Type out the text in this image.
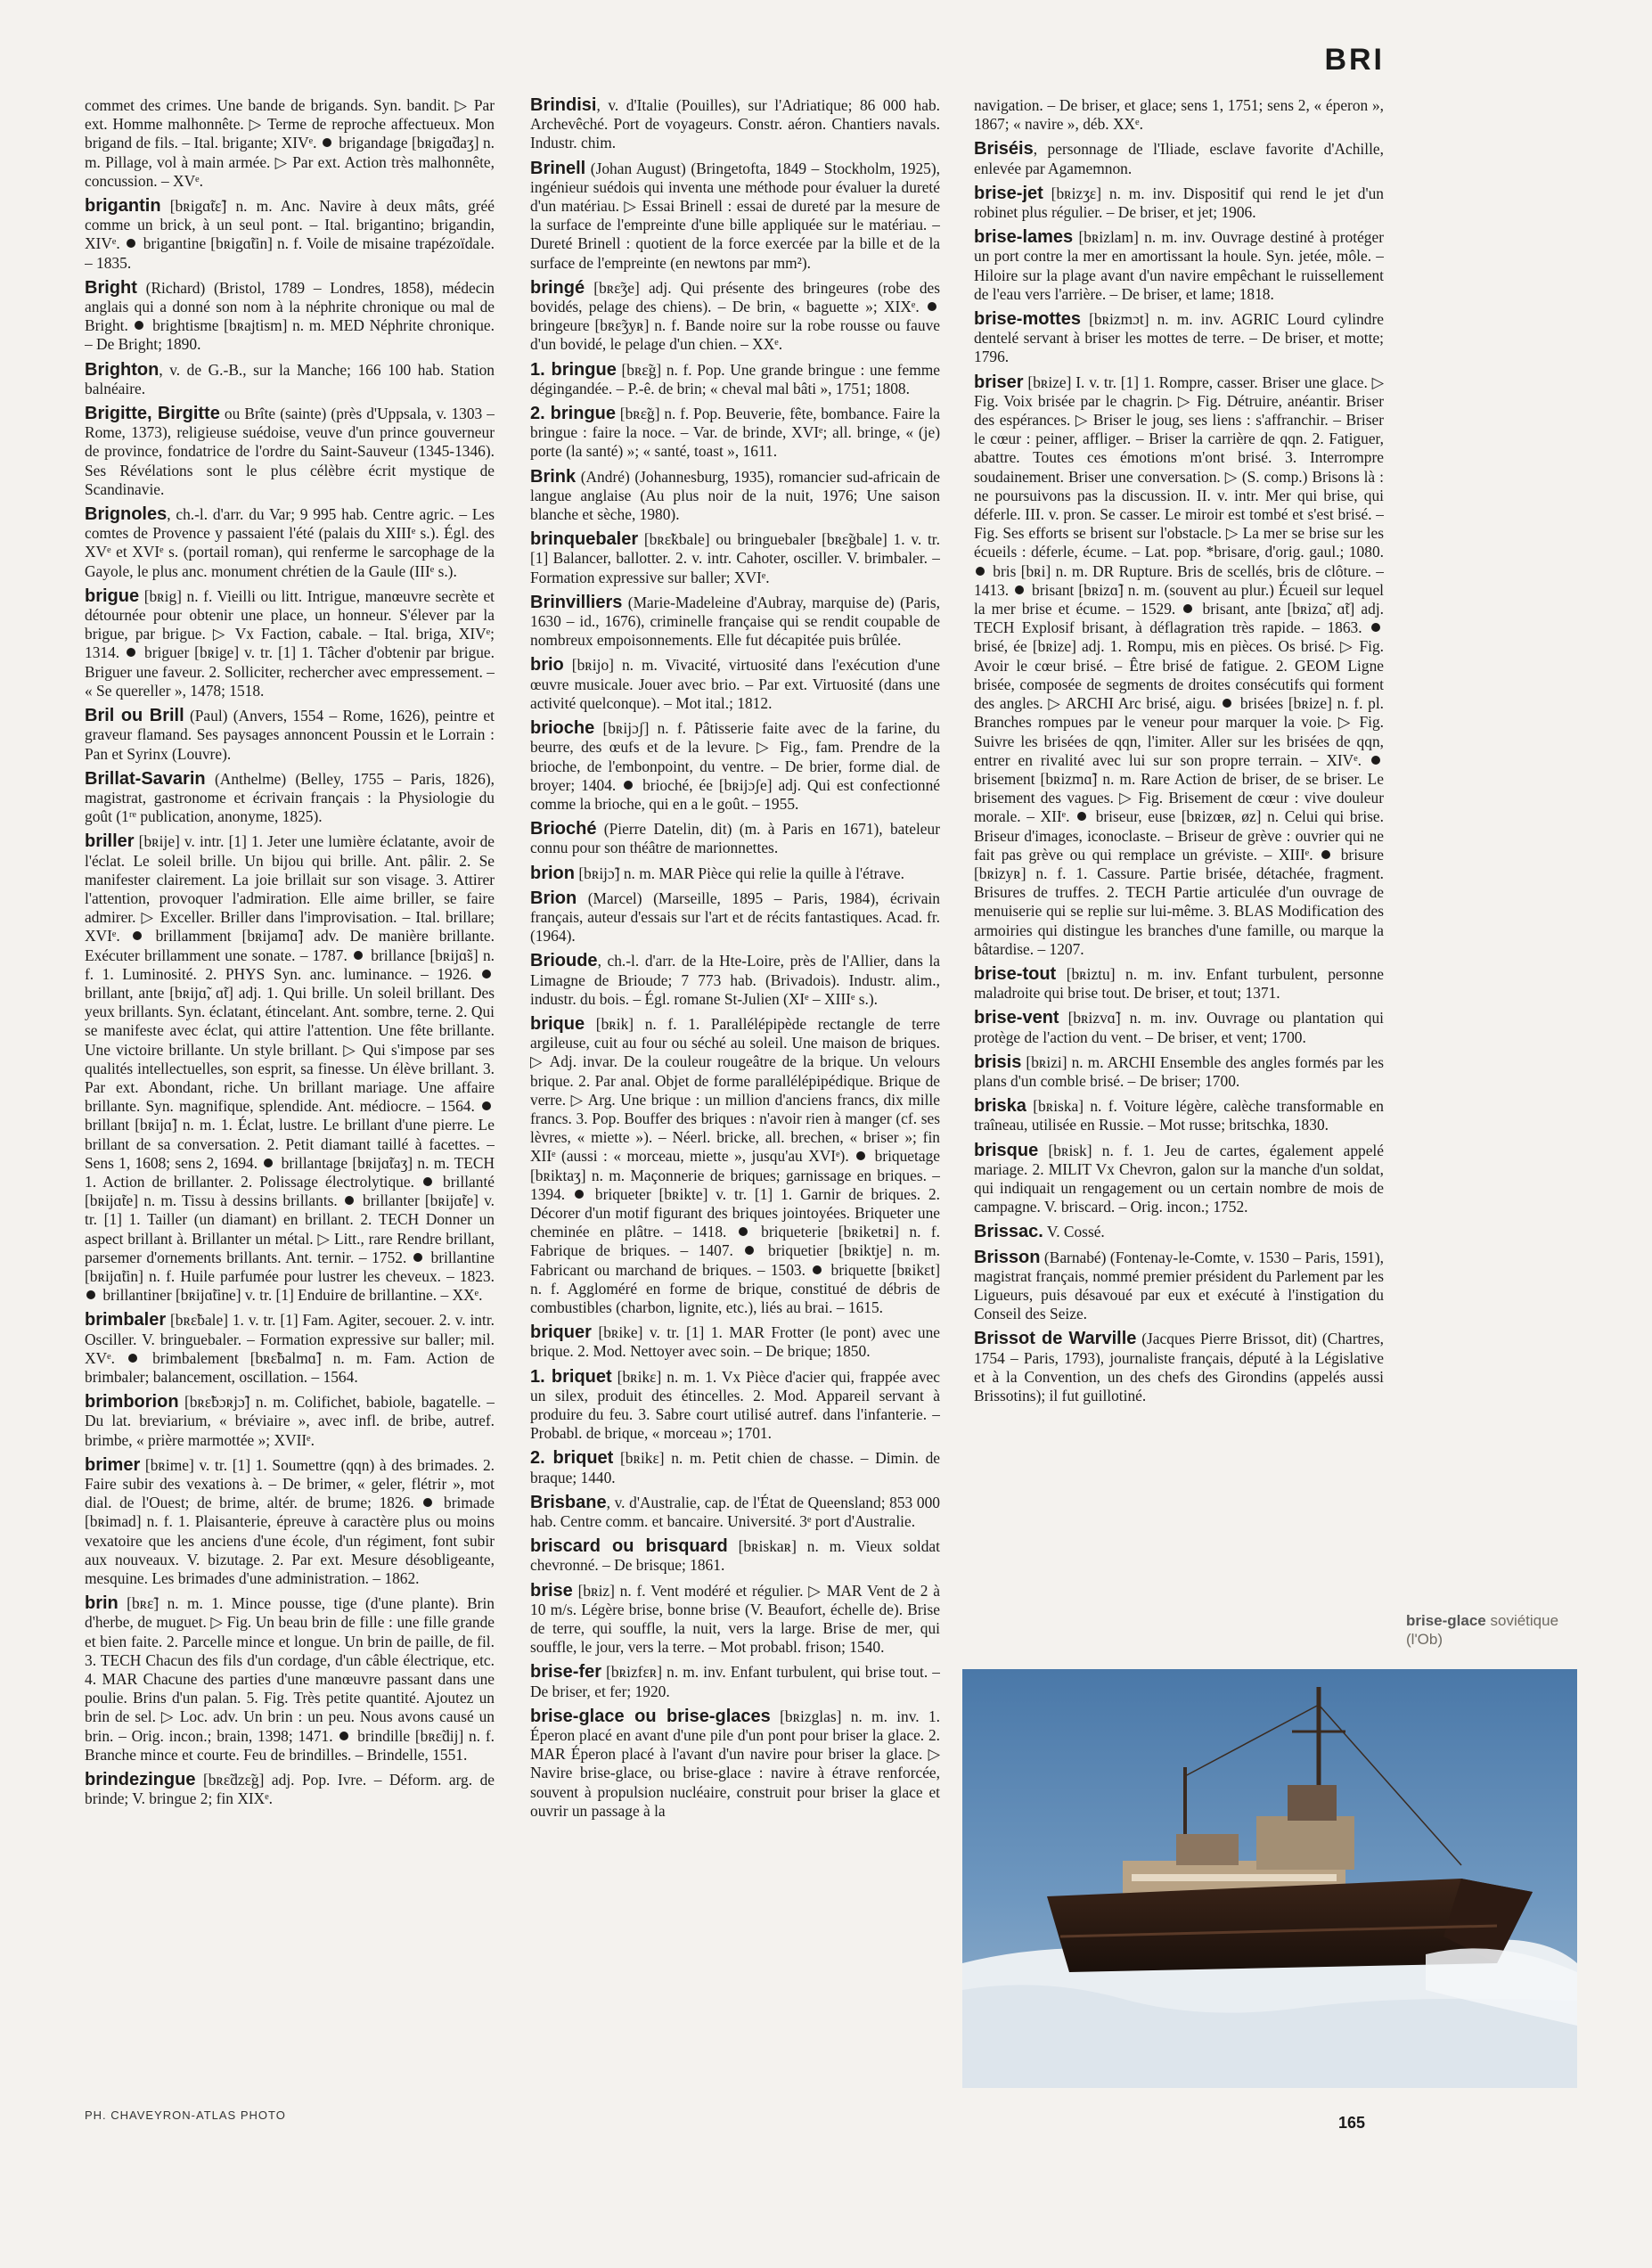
BRI

commet des crimes. Une bande de brigands. Syn. bandit. ▷ Par ext. Homme malhonnête. ▷ Terme de reproche affectueux. Mon brigand de fils. – Ital. brigante; XIVᵉ.  brigandage [bʀigɑ̃daʒ] n. m. Pillage, vol à main armée. ▷ Par ext. Action très malhonnête, concussion. – XVᵉ.

brigantin [bʀigɑ̃tɛ̃] n. m. Anc. Navire à deux mâts, gréé comme un brick, à un seul pont. – Ital. brigantino; brigandin, XIVᵉ.  brigantine [bʀigɑ̃tin] n. f. Voile de misaine trapézoïdale. – 1835.

Bright (Richard) (Bristol, 1789 – Londres, 1858), médecin anglais qui a donné son nom à la néphrite chronique ou mal de Bright.  brightisme [bʀajtism] n. m. MED Néphrite chronique. – De Bright; 1890.

Brighton, v. de G.-B., sur la Manche; 166 100 hab. Station balnéaire.

Brigitte, Birgitte ou Brîte (sainte) (près d'Uppsala, v. 1303 – Rome, 1373), religieuse suédoise, veuve d'un prince gouverneur de province, fondatrice de l'ordre du Saint-Sauveur (1345-1346). Ses Révélations sont le plus célèbre écrit mystique de Scandinavie.

Brignoles, ch.-l. d'arr. du Var; 9 995 hab. Centre agric. – Les comtes de Provence y passaient l'été (palais du XIIIᵉ s.). Égl. des XVᵉ et XVIᵉ s. (portail roman), qui renferme le sarcophage de la Gayole, le plus anc. monument chrétien de la Gaule (IIIᵉ s.).

brigue [bʀig] n. f. Vieilli ou litt. Intrigue, manœuvre secrète et détournée pour obtenir une place, un honneur. S'élever par la brigue, par brigue. ▷ Vx Faction, cabale. – Ital. briga, XIVᵉ; 1314.  briguer [bʀige] v. tr. [1] 1. Tâcher d'obtenir par brigue. Briguer une faveur. 2. Solliciter, rechercher avec empressement. – « Se quereller », 1478; 1518.

Bril ou Brill (Paul) (Anvers, 1554 – Rome, 1626), peintre et graveur flamand. Ses paysages annoncent Poussin et le Lorrain : Pan et Syrinx (Louvre).

Brillat-Savarin (Anthelme) (Belley, 1755 – Paris, 1826), magistrat, gastronome et écrivain français : la Physiologie du goût (1ʳᵉ publication, anonyme, 1825).

briller [bʀije] v. intr. [1] 1. Jeter une lumière éclatante, avoir de l'éclat. Le soleil brille. Un bijou qui brille. Ant. pâlir. 2. Se manifester clairement. La joie brillait sur son visage. 3. Attirer l'attention, provoquer l'admiration. Elle aime briller, se faire admirer. ▷ Exceller. Briller dans l'improvisation. – Ital. brillare; XVIᵉ.  brillamment [bʀijamɑ̃] adv. De manière brillante. Exécuter brillamment une sonate. – 1787.  brillance [bʀijɑ̃s] n. f. 1. Luminosité. 2. PHYS Syn. anc. luminance. – 1926.  brillant, ante [bʀijɑ̃, ɑ̃t] adj. 1. Qui brille. Un soleil brillant. Des yeux brillants. Syn. éclatant, étincelant. Ant. sombre, terne. 2. Qui se manifeste avec éclat, qui attire l'attention. Une fête brillante. Une victoire brillante. Un style brillant. ▷ Qui s'impose par ses qualités intellectuelles, son esprit, sa finesse. Un élève brillant. 3. Par ext. Abondant, riche. Un brillant mariage. Une affaire brillante. Syn. magnifique, splendide. Ant. médiocre. – 1564.  brillant [bʀijɑ̃] n. m. 1. Éclat, lustre. Le brillant d'une pierre. Le brillant de sa conversation. 2. Petit diamant taillé à facettes. – Sens 1, 1608; sens 2, 1694.  brillantage [bʀijɑ̃taʒ] n. m. TECH 1. Action de brillanter. 2. Polissage électrolytique.  brillanté [bʀijɑ̃te] n. m. Tissu à dessins brillants.  brillanter [bʀijɑ̃te] v. tr. [1] 1. Tailler (un diamant) en brillant. 2. TECH Donner un aspect brillant à. Brillanter un métal. ▷ Litt., rare Rendre brillant, parsemer d'ornements brillants. Ant. ternir. – 1752.  brillantine [bʀijɑ̃tin] n. f. Huile parfumée pour lustrer les cheveux. – 1823.  brillantiner [bʀijɑ̃tine] v. tr. [1] Enduire de brillantine. – XXᵉ.

brimbaler [bʀɛ̃bale] 1. v. tr. [1] Fam. Agiter, secouer. 2. v. intr. Osciller. V. bringuebaler. – Formation expressive sur baller; mil. XVᵉ.  brimbalement [bʀɛ̃balmɑ̃] n. m. Fam. Action de brimbaler; balancement, oscillation. – 1564.

brimborion [bʀɛ̃bɔʀjɔ̃] n. m. Colifichet, babiole, bagatelle. – Du lat. breviarium, « bréviaire », avec infl. de bribe, autref. brimbe, « prière marmottée »; XVIIᵉ.

brimer [bʀime] v. tr. [1] 1. Soumettre (qqn) à des brimades. 2. Faire subir des vexations à. – De brimer, « geler, flétrir », mot dial. de l'Ouest; de brime, altér. de brume; 1826.  brimade [bʀimad] n. f. 1. Plaisanterie, épreuve à caractère plus ou moins vexatoire que les anciens d'une école, d'un régiment, font subir aux nouveaux. V. bizutage. 2. Par ext. Mesure désobligeante, mesquine. Les brimades d'une administration. – 1862.

brin [bʀɛ̃] n. m. 1. Mince pousse, tige (d'une plante). Brin d'herbe, de muguet. ▷ Fig. Un beau brin de fille : une fille grande et bien faite. 2. Parcelle mince et longue. Un brin de paille, de fil. 3. TECH Chacun des fils d'un cordage, d'un câble électrique, etc. 4. MAR Chacune des parties d'une manœuvre passant dans une poulie. Brins d'un palan. 5. Fig. Très petite quantité. Ajoutez un brin de sel. ▷ Loc. adv. Un brin : un peu. Nous avons causé un brin. – Orig. incon.; brain, 1398; 1471.  brindille [bʀɛ̃dij] n. f. Branche mince et courte. Feu de brindilles. – Brindelle, 1551.

brindezingue [bʀɛ̃dzɛ̃g] adj. Pop. Ivre. – Déform. arg. de brinde; V. bringue 2; fin XIXᵉ.

Brindisi, v. d'Italie (Pouilles), sur l'Adriatique; 86 000 hab. Archevêché. Port de voyageurs. Constr. aéron. Chantiers navals. Industr. chim.

Brinell (Johan August) (Bringetofta, 1849 – Stockholm, 1925), ingénieur suédois qui inventa une méthode pour évaluer la dureté d'un matériau. ▷ Essai Brinell : essai de dureté par la mesure de la surface de l'empreinte d'une bille appliquée sur le matériau. – Dureté Brinell : quotient de la force exercée par la bille et de la surface de l'empreinte (en newtons par mm²).

bringé [bʀɛ̃ʒe] adj. Qui présente des bringeures (robe des bovidés, pelage des chiens). – De brin, « baguette »; XIXᵉ.  bringeure [bʀɛ̃ʒyʀ] n. f. Bande noire sur la robe rousse ou fauve d'un bovidé, le pelage d'un chien. – XXᵉ.

1. bringue [bʀɛ̃g] n. f. Pop. Une grande bringue : une femme dégingandée. – P.-ê. de brin; « cheval mal bâti », 1751; 1808.

2. bringue [bʀɛ̃g] n. f. Pop. Beuverie, fête, bombance. Faire la bringue : faire la noce. – Var. de brinde, XVIᵉ; all. bringe, « (je) porte (la santé) »; « santé, toast », 1611.

Brink (André) (Johannesburg, 1935), romancier sud-africain de langue anglaise (Au plus noir de la nuit, 1976; Une saison blanche et sèche, 1980).

brinquebaler [bʀɛ̃kbale] ou bringuebaler [bʀɛ̃gbale] 1. v. tr. [1] Balancer, ballotter. 2. v. intr. Cahoter, osciller. V. brimbaler. – Formation expressive sur baller; XVIᵉ.

Brinvilliers (Marie-Madeleine d'Aubray, marquise de) (Paris, 1630 – id., 1676), criminelle française qui se rendit coupable de nombreux empoisonnements. Elle fut décapitée puis brûlée.

brio [bʀijo] n. m. Vivacité, virtuosité dans l'exécution d'une œuvre musicale. Jouer avec brio. – Par ext. Virtuosité (dans une activité quelconque). – Mot ital.; 1812.

brioche [bʀijɔʃ] n. f. Pâtisserie faite avec de la farine, du beurre, des œufs et de la levure. ▷ Fig., fam. Prendre de la brioche, de l'embonpoint, du ventre. – De brier, forme dial. de broyer; 1404.  brioché, ée [bʀijɔʃe] adj. Qui est confectionné comme la brioche, qui en a le goût. – 1955.

Brioché (Pierre Datelin, dit) (m. à Paris en 1671), bateleur connu pour son théâtre de marionnettes.

brion [bʀijɔ̃] n. m. MAR Pièce qui relie la quille à l'étrave.

Brion (Marcel) (Marseille, 1895 – Paris, 1984), écrivain français, auteur d'essais sur l'art et de récits fantastiques. Acad. fr. (1964).

Brioude, ch.-l. d'arr. de la Hte-Loire, près de l'Allier, dans la Limagne de Brioude; 7 773 hab. (Brivadois). Industr. alim., industr. du bois. – Égl. romane St-Julien (XIᵉ – XIIIᵉ s.).

brique [bʀik] n. f. 1. Parallélépipède rectangle de terre argileuse, cuit au four ou séché au soleil. Une maison de briques. ▷ Adj. invar. De la couleur rougeâtre de la brique. Un velours brique. 2. Par anal. Objet de forme parallélépipédique. Brique de verre. ▷ Arg. Une brique : un million d'anciens francs, dix mille francs. 3. Pop. Bouffer des briques : n'avoir rien à manger (cf. ses lèvres, « miette »). – Néerl. bricke, all. brechen, « briser »; fin XIIᵉ (aussi : « morceau, miette », jusqu'au XVIᵉ).  briquetage [bʀiktaʒ] n. m. Maçonnerie de briques; garnissage en briques. – 1394.  briqueter [bʀikte] v. tr. [1] 1. Garnir de briques. 2. Décorer d'un motif figurant des briques jointoyées. Briqueter une cheminée en plâtre. – 1418.  briqueterie [bʀiketʀi] n. f. Fabrique de briques. – 1407.  briquetier [bʀiktje] n. m. Fabricant ou marchand de briques. – 1503.  briquette [bʀikɛt] n. f. Aggloméré en forme de brique, constitué de débris de combustibles (charbon, lignite, etc.), liés au brai. – 1615.

briquer [bʀike] v. tr. [1] 1. MAR Frotter (le pont) avec une brique. 2. Mod. Nettoyer avec soin. – De brique; 1850.

1. briquet [bʀikɛ] n. m. 1. Vx Pièce d'acier qui, frappée avec un silex, produit des étincelles. 2. Mod. Appareil servant à produire du feu. 3. Sabre court utilisé autref. dans l'infanterie. – Probabl. de brique, « morceau »; 1701.

2. briquet [bʀikɛ] n. m. Petit chien de chasse. – Dimin. de braque; 1440.

Brisbane, v. d'Australie, cap. de l'État de Queensland; 853 000 hab. Centre comm. et bancaire. Université. 3ᵉ port d'Australie.

briscard ou brisquard [bʀiskaʀ] n. m. Vieux soldat chevronné. – De brisque; 1861.

brise [bʀiz] n. f. Vent modéré et régulier. ▷ MAR Vent de 2 à 10 m/s. Légère brise, bonne brise (V. Beaufort, échelle de). Brise de terre, qui souffle, la nuit, vers la large. Brise de mer, qui souffle, le jour, vers la terre. – Mot probabl. frison; 1540.

brise-fer [bʀizfɛʀ] n. m. inv. Enfant turbulent, qui brise tout. – De briser, et fer; 1920.

brise-glace ou brise-glaces [bʀizglas] n. m. inv. 1. Éperon placé en avant d'une pile d'un pont pour briser la glace. 2. MAR Éperon placé à l'avant d'un navire pour briser la glace. ▷ Navire brise-glace, ou brise-glace : navire à étrave renforcée, souvent à propulsion nucléaire, construit pour briser la glace et ouvrir un passage à la

navigation. – De briser, et glace; sens 1, 1751; sens 2, « éperon », 1867; « navire », déb. XXᵉ.

Briséis, personnage de l'Iliade, esclave favorite d'Achille, enlevée par Agamemnon.

brise-jet [bʀizʒɛ] n. m. inv. Dispositif qui rend le jet d'un robinet plus régulier. – De briser, et jet; 1906.

brise-lames [bʀizlam] n. m. inv. Ouvrage destiné à protéger un port contre la mer en amortissant la houle. Syn. jetée, môle. – Hiloire sur la plage avant d'un navire empêchant le ruissellement de l'eau vers l'arrière. – De briser, et lame; 1818.

brise-mottes [bʀizmɔt] n. m. inv. AGRIC Lourd cylindre dentelé servant à briser les mottes de terre. – De briser, et motte; 1796.

briser [bʀize] I. v. tr. [1] 1. Rompre, casser. Briser une glace. ▷ Fig. Voix brisée par le chagrin. ▷ Fig. Détruire, anéantir. Briser des espérances. ▷ Briser le joug, ses liens : s'affranchir. – Briser le cœur : peiner, affliger. – Briser la carrière de qqn. 2. Fatiguer, abattre. Toutes ces émotions m'ont brisé. 3. Interrompre soudainement. Briser une conversation. ▷ (S. comp.) Brisons là : ne poursuivons pas la discussion. II. v. intr. Mer qui brise, qui déferle. III. v. pron. Se casser. Le miroir est tombé et s'est brisé. – Fig. Ses efforts se brisent sur l'obstacle. ▷ La mer se brise sur les écueils : déferle, écume. – Lat. pop. *brisare, d'orig. gaul.; 1080.  bris [bʀi] n. m. DR Rupture. Bris de scellés, bris de clôture. – 1413.  brisant [bʀizɑ̃] n. m. (souvent au plur.) Écueil sur lequel la mer brise et écume. – 1529.  brisant, ante [bʀizɑ̃, ɑ̃t] adj. TECH Explosif brisant, à déflagration très rapide. – 1863.  brisé, ée [bʀize] adj. 1. Rompu, mis en pièces. Os brisé. ▷ Fig. Avoir le cœur brisé. – Être brisé de fatigue. 2. GEOM Ligne brisée, composée de segments de droites consécutifs qui forment des angles. ▷ ARCHI Arc brisé, aigu.  brisées [bʀize] n. f. pl. Branches rompues par le veneur pour marquer la voie. ▷ Fig. Suivre les brisées de qqn, l'imiter. Aller sur les brisées de qqn, entrer en rivalité avec lui sur son propre terrain. – XIVᵉ.  brisement [bʀizmɑ̃] n. m. Rare Action de briser, de se briser. Le brisement des vagues. ▷ Fig. Brisement de cœur : vive douleur morale. – XIIᵉ.  briseur, euse [bʀizœʀ, øz] n. Celui qui brise. Briseur d'images, iconoclaste. – Briseur de grève : ouvrier qui ne fait pas grève ou qui remplace un gréviste. – XIIIᵉ.  brisure [bʀizyʀ] n. f. 1. Cassure. Partie brisée, détachée, fragment. Brisures de truffes. 2. TECH Partie articulée d'un ouvrage de menuiserie qui se replie sur lui-même. 3. BLAS Modification des armoiries qui distingue les branches d'une famille, ou marque la bâtardise. – 1207.

brise-tout [bʀiztu] n. m. inv. Enfant turbulent, personne maladroite qui brise tout. De briser, et tout; 1371.

brise-vent [bʀizvɑ̃] n. m. inv. Ouvrage ou plantation qui protège de l'action du vent. – De briser, et vent; 1700.

brisis [bʀizi] n. m. ARCHI Ensemble des angles formés par les plans d'un comble brisé. – De briser; 1700.

briska [bʀiska] n. f. Voiture légère, calèche transformable en traîneau, utilisée en Russie. – Mot russe; britschka, 1830.

brisque [bʀisk] n. f. 1. Jeu de cartes, également appelé mariage. 2. MILIT Vx Chevron, galon sur la manche d'un soldat, qui indiquait un rengagement ou un certain nombre de mois de campagne. V. briscard. – Orig. incon.; 1752.

Brissac. V. Cossé.

Brisson (Barnabé) (Fontenay-le-Comte, v. 1530 – Paris, 1591), magistrat français, nommé premier président du Parlement par les Ligueurs, puis désavoué par eux et exécuté à l'instigation du Conseil des Seize.

Brissot de Warville (Jacques Pierre Brissot, dit) (Chartres, 1754 – Paris, 1793), journaliste français, député à la Législative et à la Convention, un des chefs des Girondins (appelés aussi Brissotins); il fut guillotiné.

brise-glace soviétique (l'Ob)
PH. CHAVEYRON-ATLAS PHOTO	165
